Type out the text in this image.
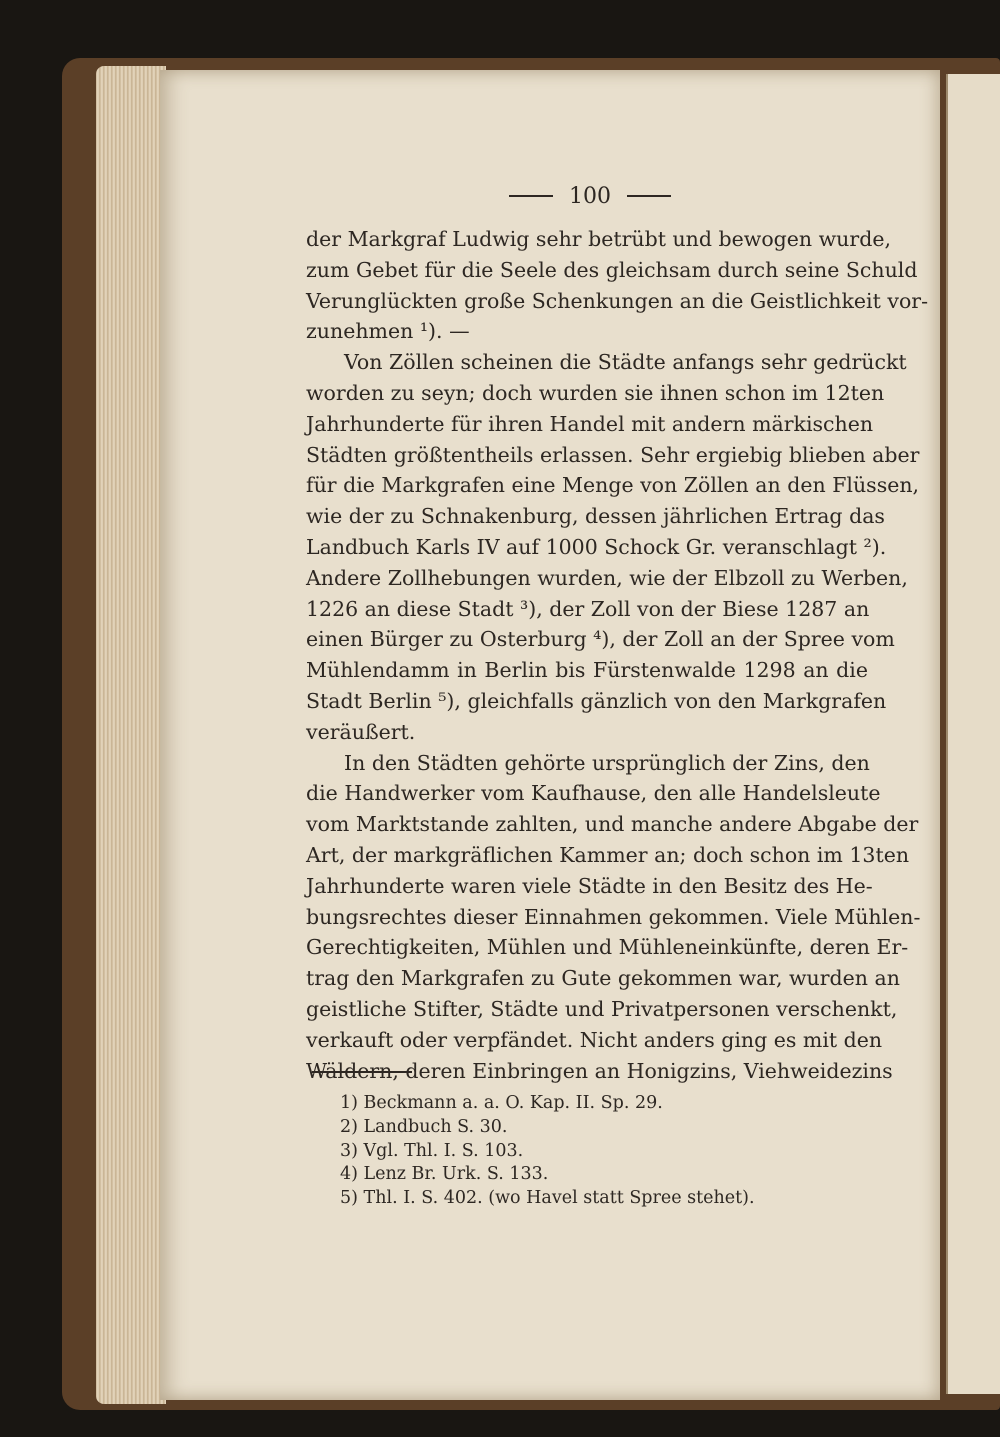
100
der Markgraf Ludwig sehr betrübt und bewogen wurde,
zum Gebet für die Seele des gleichsam durch seine Schuld
Verunglückten große Schenkungen an die Geistlichkeit vor-
zunehmen ¹). —
Von Zöllen scheinen die Städte anfangs sehr gedrückt
worden zu seyn; doch wurden sie ihnen schon im 12ten
Jahrhunderte für ihren Handel mit andern märkischen
Städten größtentheils erlassen. Sehr ergiebig blieben aber
für die Markgrafen eine Menge von Zöllen an den Flüssen,
wie der zu Schnakenburg, dessen jährlichen Ertrag das
Landbuch Karls IV auf 1000 Schock Gr. veranschlagt ²).
Andere Zollhebungen wurden, wie der Elbzoll zu Werben,
1226 an diese Stadt ³), der Zoll von der Biese 1287 an
einen Bürger zu Osterburg ⁴), der Zoll an der Spree vom
Mühlendamm in Berlin bis Fürstenwalde 1298 an die
Stadt Berlin ⁵), gleichfalls gänzlich von den Markgrafen
veräußert.
In den Städten gehörte ursprünglich der Zins, den
die Handwerker vom Kaufhause, den alle Handelsleute
vom Marktstande zahlten, und manche andere Abgabe der
Art, der markgräflichen Kammer an; doch schon im 13ten
Jahrhunderte waren viele Städte in den Besitz des He-
bungsrechtes dieser Einnahmen gekommen. Viele Mühlen-
Gerechtigkeiten, Mühlen und Mühleneinkünfte, deren Er-
trag den Markgrafen zu Gute gekommen war, wurden an
geistliche Stifter, Städte und Privatpersonen verschenkt,
verkauft oder verpfändet. Nicht anders ging es mit den
Wäldern, deren Einbringen an Honigzins, Viehweidezins
1) Beckmann a. a. O. Kap. II. Sp. 29.
2) Landbuch S. 30.
3) Vgl. Thl. I. S. 103.
4) Lenz Br. Urk. S. 133.
5) Thl. I. S. 402. (wo Havel statt Spree stehet).
